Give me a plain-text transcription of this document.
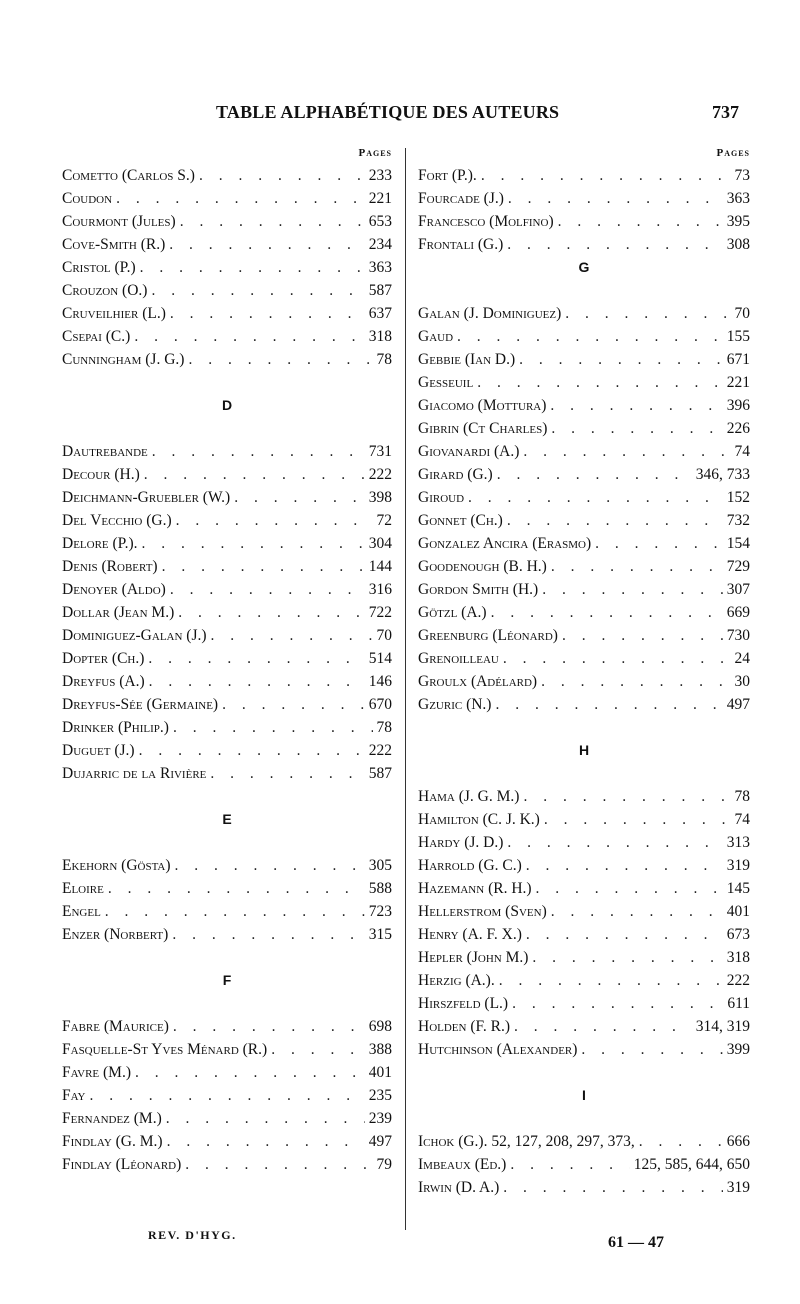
TABLE ALPHABÉTIQUE DES AUTEURS	737
Pages
Cometto (Carlos S.) . . .	233
Coudon . . .	221
Courmont (Jules) . . .	653
Cove-Smith (R.) . . .	234
Cristol (P.) . . .	363
Crouzon (O.) . . .	587
Cruveilhier (L.) . . .	637
Csepai (C.) . . .	318
Cunningham (J. G.) . . .	78
D
Dautrebande . . .	731
Decour (H.) . . .	222
Deichmann-Gruebler (W.) . . .	398
Del Vecchio (G.) . . .	72
Delore (P.). . . .	304
Denis (Robert) . . .	144
Denoyer (Aldo) . . .	316
Dollar (Jean M.) . . .	722
Dominiguez-Galan (J.) . . .	70
Dopter (Ch.) . . .	514
Dreyfus (A.) . . .	146
Dreyfus-Sée (Germaine) . . .	670
Drinker (Philip.) . . .	78
Duguet (J.) . . .	222
Dujarric de la Rivière . . .	587
E
Ekehorn (Gösta) . . .	305
Eloire . . .	588
Engel . . .	723
Enzer (Norbert) . . .	315
F
Fabre (Maurice) . . .	698
Fasquelle-St Yves Ménard (R.) . . .	388
Favre (M.) . . .	401
Fay . . .	235
Fernandez (M.) . . .	239
Findlay (G. M.) . . .	497
Findlay (Léonard) . . .	79
Pages
Fort (P.). . . .	73
Fourcade (J.) . . .	363
Francesco (Molfino) . . .	395
Frontali (G.) . . .	308
G
Galan (J. Dominiguez) . . .	70
Gaud . . .	155
Gebbie (Ian D.) . . .	671
Gesseuil . . .	221
Giacomo (Mottura) . . .	396
Gibrin (Ct Charles) . . .	226
Giovanardi (A.) . . .	74
Girard (G.) . . .	346, 733
Giroud . . .	152
Gonnet (Ch.) . . .	732
Gonzalez Ancira (Erasmo) . . .	154
Goodenough (B. H.) . . .	729
Gordon Smith (H.) . . .	307
Götzl (A.) . . .	669
Greenburg (Léonard) . . .	730
Grenoilleau . . .	24
Groulx (Adélard) . . .	30
Gzuric (N.) . . .	497
H
Hama (J. G. M.) . . .	78
Hamilton (C. J. K.) . . .	74
Hardy (J. D.) . . .	313
Harrold (G. C.) . . .	319
Hazemann (R. H.) . . .	145
Hellerstrom (Sven) . . .	401
Henry (A. F. X.) . . .	673
Hepler (John M.) . . .	318
Herzig (A.). . . .	222
Hirszfeld (L.) . . .	611
Holden (F. R.) . . .	314, 319
Hutchinson (Alexander) . . .	399
I
Ichok (G.). 52, 127, 208, 297, 373, . . .	666
Imbeaux (Ed.) . . .	125, 585, 644, 650
Irwin (D. A.) . . .	319
REV. D'HYG.	61 — 47
